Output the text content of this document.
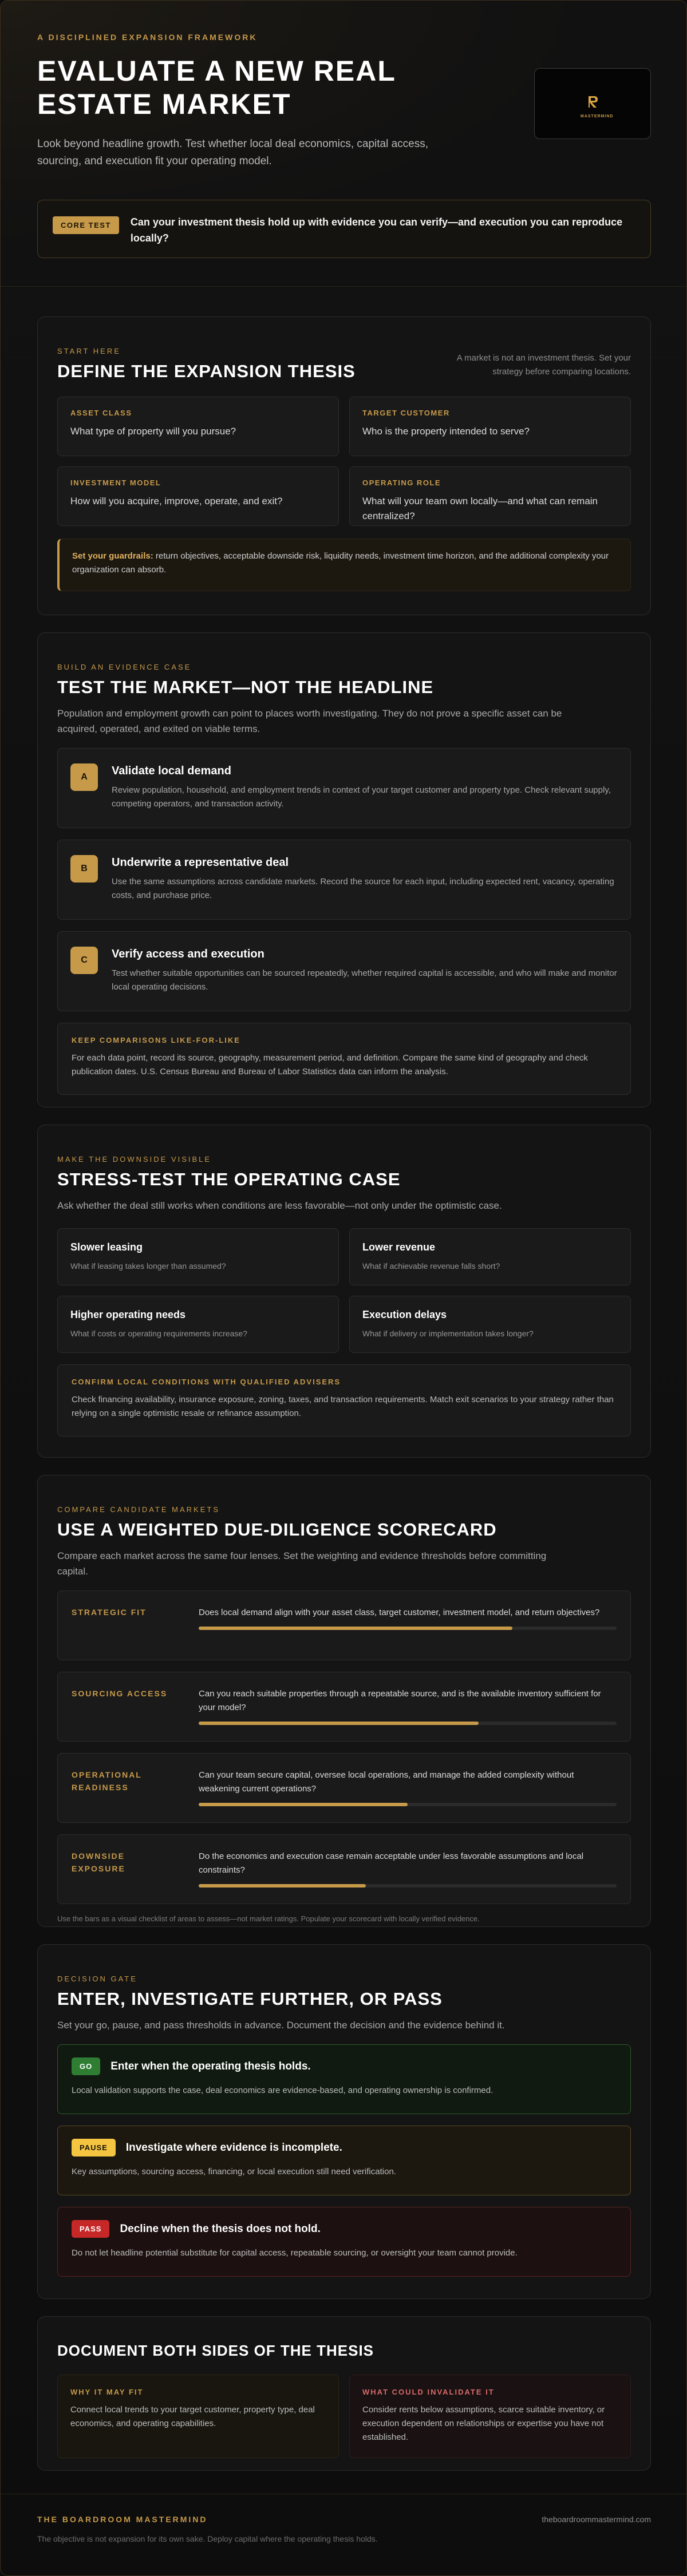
A DISCIPLINED EXPANSION FRAMEWORK
EVALUATE A NEW REAL ESTATE MARKET

Look beyond headline growth. Test whether local deal economics, capital access, sourcing, and execution fit your operating model.

MASTERMIND
CORE TEST	Can your investment thesis hold up with evidence you can verify—and execution you can reproduce locally?
START HERE
DEFINE THE EXPANSION THESIS
A market is not an investment thesis. Set your strategy before comparing locations.
ASSET CLASS
What type of property will you pursue?
TARGET CUSTOMER
Who is the property intended to serve?
INVESTMENT MODEL
How will you acquire, improve, operate, and exit?
OPERATING ROLE
What will your team own locally—and what can remain centralized?
Set your guardrails: return objectives, acceptable downside risk, liquidity needs, investment time horizon, and the additional complexity your organization can absorb.
BUILD AN EVIDENCE CASE
TEST THE MARKET—NOT THE HEADLINE

Population and employment growth can point to places worth investigating. They do not prove a specific asset can be acquired, operated, and exited on viable terms.

A	Validate local demand
Review population, household, and employment trends in context of your target customer and property type. Check relevant supply, competing operators, and transaction activity.
B	Underwrite a representative deal
Use the same assumptions across candidate markets. Record the source for each input, including expected rent, vacancy, operating costs, and purchase price.
C	Verify access and execution
Test whether suitable opportunities can be sourced repeatedly, whether required capital is accessible, and who will make and monitor local operating decisions.
KEEP COMPARISONS LIKE-FOR-LIKE
For each data point, record its source, geography, measurement period, and definition. Compare the same kind of geography and check publication dates. U.S. Census Bureau and Bureau of Labor Statistics data can inform the analysis.
MAKE THE DOWNSIDE VISIBLE
STRESS-TEST THE OPERATING CASE

Ask whether the deal still works when conditions are less favorable—not only under the optimistic case.

Slower leasing
What if leasing takes longer than assumed?
Lower revenue
What if achievable revenue falls short?
Higher operating needs
What if costs or operating requirements increase?
Execution delays
What if delivery or implementation takes longer?
CONFIRM LOCAL CONDITIONS WITH QUALIFIED ADVISERS
Check financing availability, insurance exposure, zoning, taxes, and transaction requirements. Match exit scenarios to your strategy rather than relying on a single optimistic resale or refinance assumption.
COMPARE CANDIDATE MARKETS
USE A WEIGHTED DUE-DILIGENCE SCORECARD

Compare each market across the same four lenses. Set the weighting and evidence thresholds before committing capital.

STRATEGIC FIT	Does local demand align with your asset class, target customer, investment model, and return objectives?
SOURCING ACCESS	Can you reach suitable properties through a repeatable source, and is the available inventory sufficient for your model?
OPERATIONAL READINESS
Can your team secure capital, oversee local operations, and manage the added complexity without weakening current operations?
DOWNSIDE EXPOSURE
Do the economics and execution case remain acceptable under less favorable assumptions and local constraints?
Use the bars as a visual checklist of areas to assess—not market ratings. Populate your scorecard with locally verified evidence.
DECISION GATE
ENTER, INVESTIGATE FURTHER, OR PASS

Set your go, pause, and pass thresholds in advance. Document the decision and the evidence behind it.

GO	Enter when the operating thesis holds.
Local validation supports the case, deal economics are evidence-based, and operating ownership is confirmed.
PAUSE	Investigate where evidence is incomplete.
Key assumptions, sourcing access, financing, or local execution still need verification.
PASS	Decline when the thesis does not hold.
Do not let headline potential substitute for capital access, repeatable sourcing, or oversight your team cannot provide.
DOCUMENT BOTH SIDES OF THE THESIS
WHY IT MAY FIT
Connect local trends to your target customer, property type, deal economics, and operating capabilities.
WHAT COULD INVALIDATE IT
Consider rents below assumptions, scarce suitable inventory, or execution dependent on relationships or expertise you have not established.
THE BOARDROOM MASTERMIND	theboardroommastermind.com
The objective is not expansion for its own sake. Deploy capital where the operating thesis holds.
